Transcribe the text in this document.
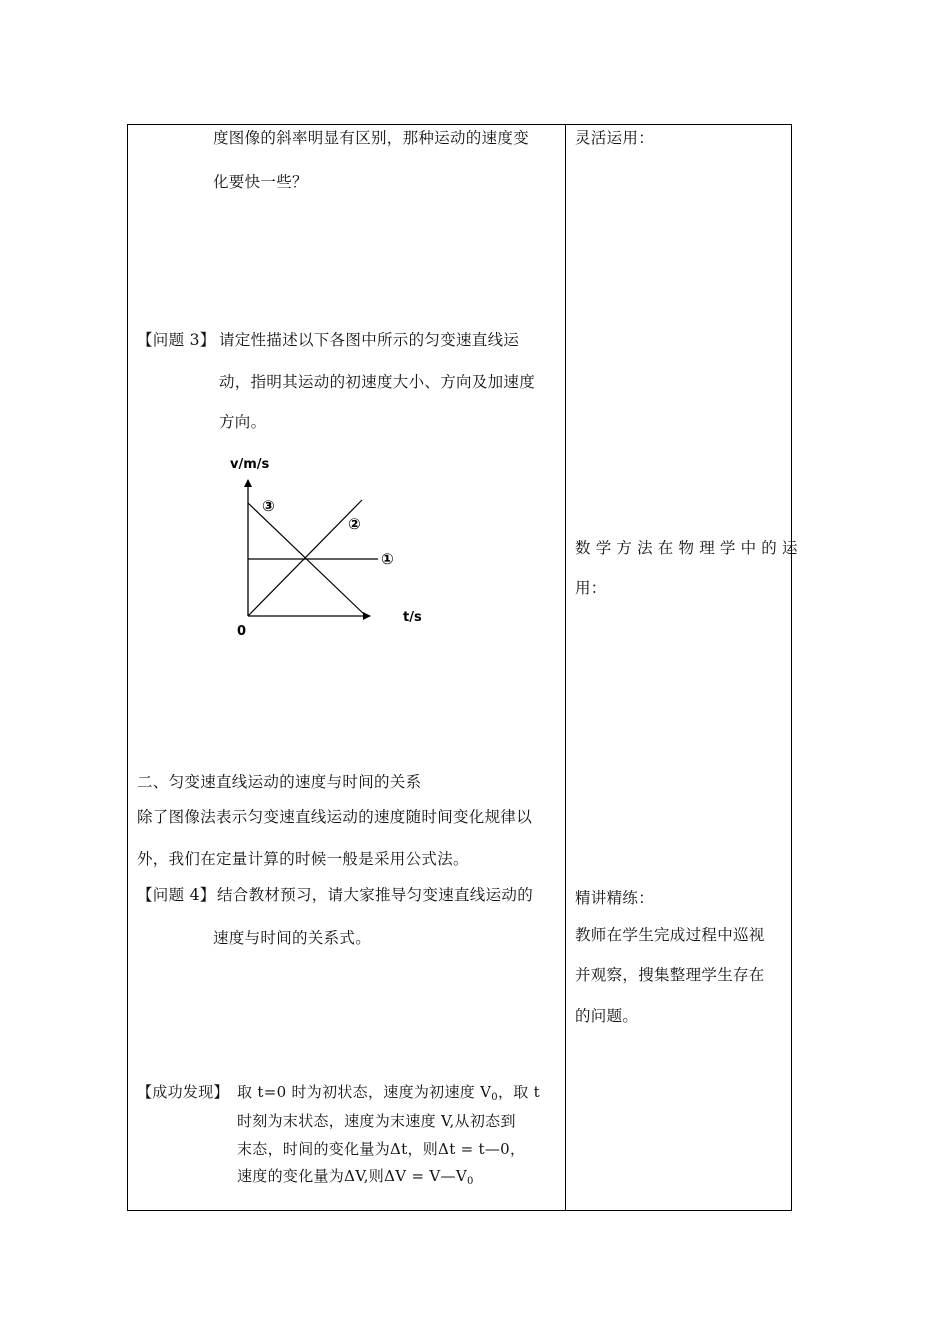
度图像的斜率明显有区别，那种运动的速度变
化要快一些？
【问题 3】 请定性描述以下各图中所示的匀变速直线运
动，指明其运动的初速度大小、方向及加速度
方向。
v/m/s
t/s
0
①
②
③
二、匀变速直线运动的速度与时间的关系
除了图像法表示匀变速直线运动的速度随时间变化规律以
外，我们在定量计算的时候一般是采用公式法。
【问题 4】 结合教材预习，请大家推导匀变速直线运动的
速度与时间的关系式。
【成功发现】 取 t=0 时为初状态，速度为初速度 $V_0$，取 t
时刻为末状态，速度为末速度 V,从初态到
末态，时间的变化量为Δt，则Δt = t—0，
速度的变化量为ΔV,则$\Delta V = V—V_0$
灵活运用：
数学方法在物理学中的运
用：
精讲精练：
教师在学生完成过程中巡视
并观察，搜集整理学生存在
的问题。
